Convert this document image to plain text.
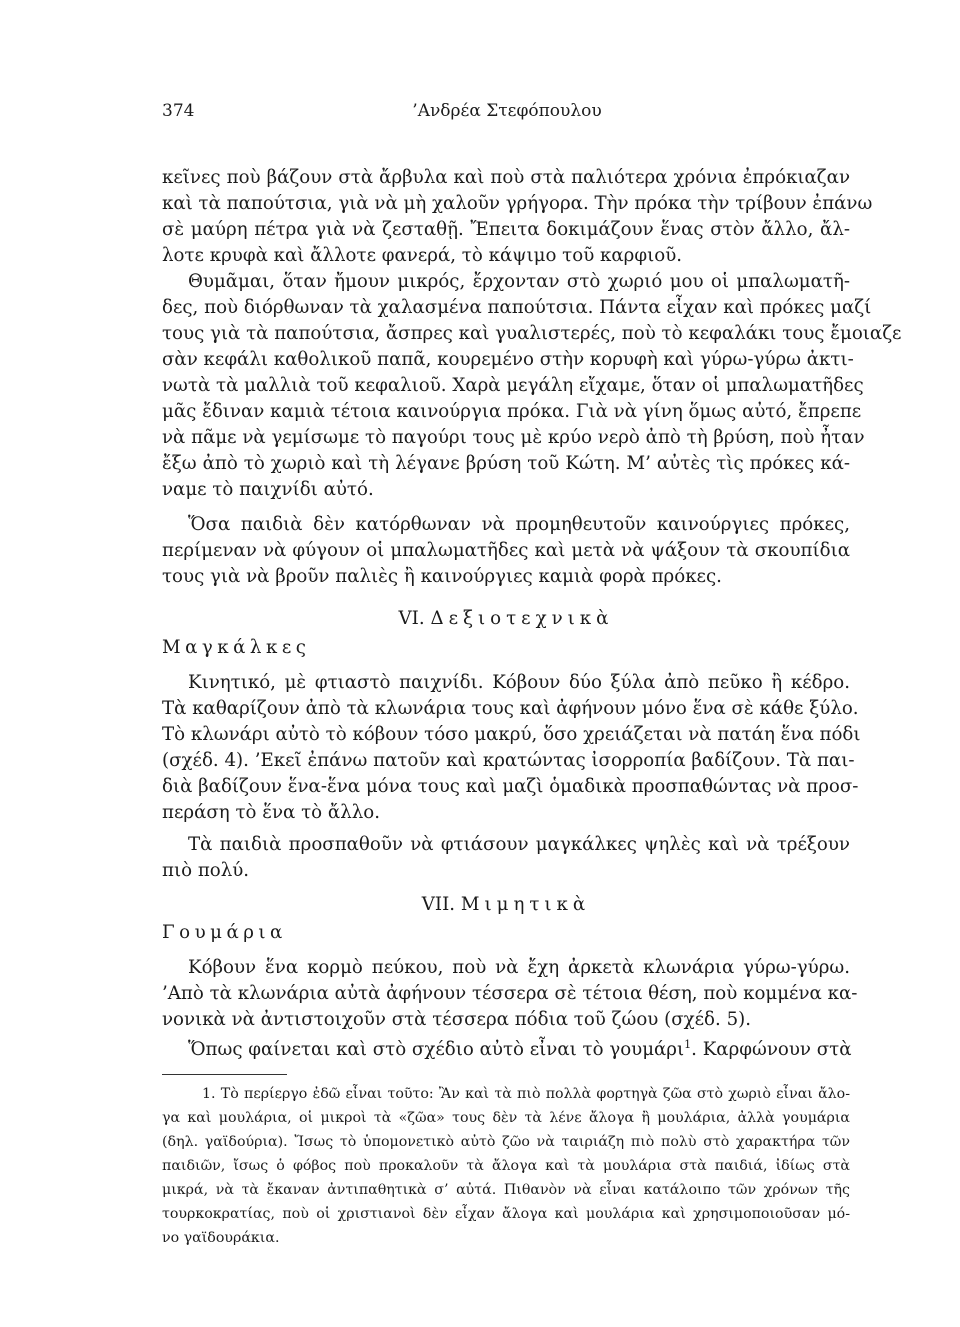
374	’Ανδρέα Στεφόπουλου
κεῖνες ποὺ βάζουν στὰ ἄρβυλα καὶ ποὺ στὰ παλιότερα χρόνια ἐπρόκιαζαν
καὶ τὰ παπούτσια, γιὰ νὰ μὴ χαλοῦν γρήγορα. Τὴν πρόκα τὴν τρίβουν ἐπάνω
σὲ μαύρη πέτρα γιὰ νὰ ζεσταθῇ. Ἔπειτα δοκιμάζουν ἕνας στὸν ἄλλο, ἄλ-
λοτε κρυφὰ καὶ ἄλλοτε φανερά, τὸ κάψιμο τοῦ καρφιοῦ.
Θυμᾶμαι, ὅταν ἤμουν μικρός, ἔρχονταν στὸ χωριό μου οἱ μπαλωματῆ-
δες, ποὺ διόρθωναν τὰ χαλασμένα παπούτσια. Πάντα εἶχαν καὶ πρόκες μαζί
τους γιὰ τὰ παπούτσια, ἄσπρες καὶ γυαλιστερές, ποὺ τὸ κεφαλάκι τους ἔμοιαζε
σὰν κεφάλι καθολικοῦ παπᾶ, κουρεμένο στὴν κορυφὴ καὶ γύρω-γύρω ἀκτι-
νωτὰ τὰ μαλλιὰ τοῦ κεφαλιοῦ. Χαρὰ μεγάλη εἴχαμε, ὅταν οἱ μπαλωματῆδες
μᾶς ἔδιναν καμιὰ τέτοια καινούργια πρόκα. Γιὰ νὰ γίνη ὅμως αὐτό, ἔπρεπε
νὰ πᾶμε νὰ γεμίσωμε τὸ παγούρι τους μὲ κρύο νερὸ ἀπὸ τὴ βρύση, ποὺ ἦταν
ἔξω ἀπὸ τὸ χωριὸ καὶ τὴ λέγανε βρύση τοῦ Κώτη. Μ’ αὐτὲς τὶς πρόκες κά-
ναμε τὸ παιχνίδι αὐτό.
Ὅσα παιδιὰ δὲν κατόρθωναν νὰ προμηθευτοῦν καινούργιες πρόκες,
περίμεναν νὰ φύγουν οἱ μπαλωματῆδες καὶ μετὰ νὰ ψάξουν τὰ σκουπίδια
τους γιὰ νὰ βροῦν παλιὲς ἢ καινούργιες καμιὰ φορὰ πρόκες.
VI. Δεξιοτεχνικὰ
Μαγκάλκες
Κινητικό, μὲ φτιαστὸ παιχνίδι. Κόβουν δύο ξύλα ἀπὸ πεῦκο ἢ κέδρο.
Τὰ καθαρίζουν ἀπὸ τὰ κλωνάρια τους καὶ ἀφήνουν μόνο ἕνα σὲ κάθε ξύλο.
Τὸ κλωνάρι αὐτὸ τὸ κόβουν τόσο μακρύ, ὅσο χρειάζεται νὰ πατάη ἕνα πόδι
(σχέδ. 4). ’Εκεῖ ἐπάνω πατοῦν καὶ κρατώντας ἰσορροπία βαδίζουν. Τὰ παι-
διὰ βαδίζουν ἕνα-ἕνα μόνα τους καὶ μαζὶ ὁμαδικὰ προσπαθώντας νὰ προσ-
περάση τὸ ἕνα τὸ ἄλλο.
Τὰ παιδιὰ προσπαθοῦν νὰ φτιάσουν μαγκάλκες ψηλὲς καὶ νὰ τρέξουν
πιὸ πολύ.
VII. Μιμητικὰ
Γουμάρια
Κόβουν ἕνα κορμὸ πεύκου, ποὺ νὰ ἔχη ἀρκετὰ κλωνάρια γύρω-γύρω.
’Απὸ τὰ κλωνάρια αὐτὰ ἀφήνουν τέσσερα σὲ τέτοια θέση, ποὺ κομμένα κα-
νονικὰ νὰ ἀντιστοιχοῦν στὰ τέσσερα πόδια τοῦ ζώου (σχέδ. 5).
Ὅπως φαίνεται καὶ στὸ σχέδιο αὐτὸ εἶναι τὸ γουμάρι$^1$. Καρφώνουν στὰ
1. Τὸ περίεργο ἐδῶ εἶναι τοῦτο: Ἂν καὶ τὰ πιὸ πολλὰ φορτηγὰ ζῶα στὸ χωριὸ εἶναι ἄλο-
γα καὶ μουλάρια, οἱ μικροὶ τὰ «ζῶα» τους δὲν τὰ λένε ἄλογα ἢ μουλάρια, ἀλλὰ γουμάρια
(δηλ. γαϊδούρια). Ἴσως τὸ ὑπομονετικὸ αὐτὸ ζῶο νὰ ταιριάζη πιὸ πολὺ στὸ χαρακτήρα τῶν
παιδιῶν, ἴσως ὁ φόβος ποὺ προκαλοῦν τὰ ἄλογα καὶ τὰ μουλάρια στὰ παιδιά, ἰδίως στὰ
μικρά, νὰ τὰ ἔκαναν ἀντιπαθητικὰ σ’ αὐτά. Πιθανὸν νὰ εἶναι κατάλοιπο τῶν χρόνων τῆς
τουρκοκρατίας, ποὺ οἱ χριστιανοὶ δὲν εἶχαν ἄλογα καὶ μουλάρια καὶ χρησιμοποιοῦσαν μό-
νο γαϊδουράκια.
